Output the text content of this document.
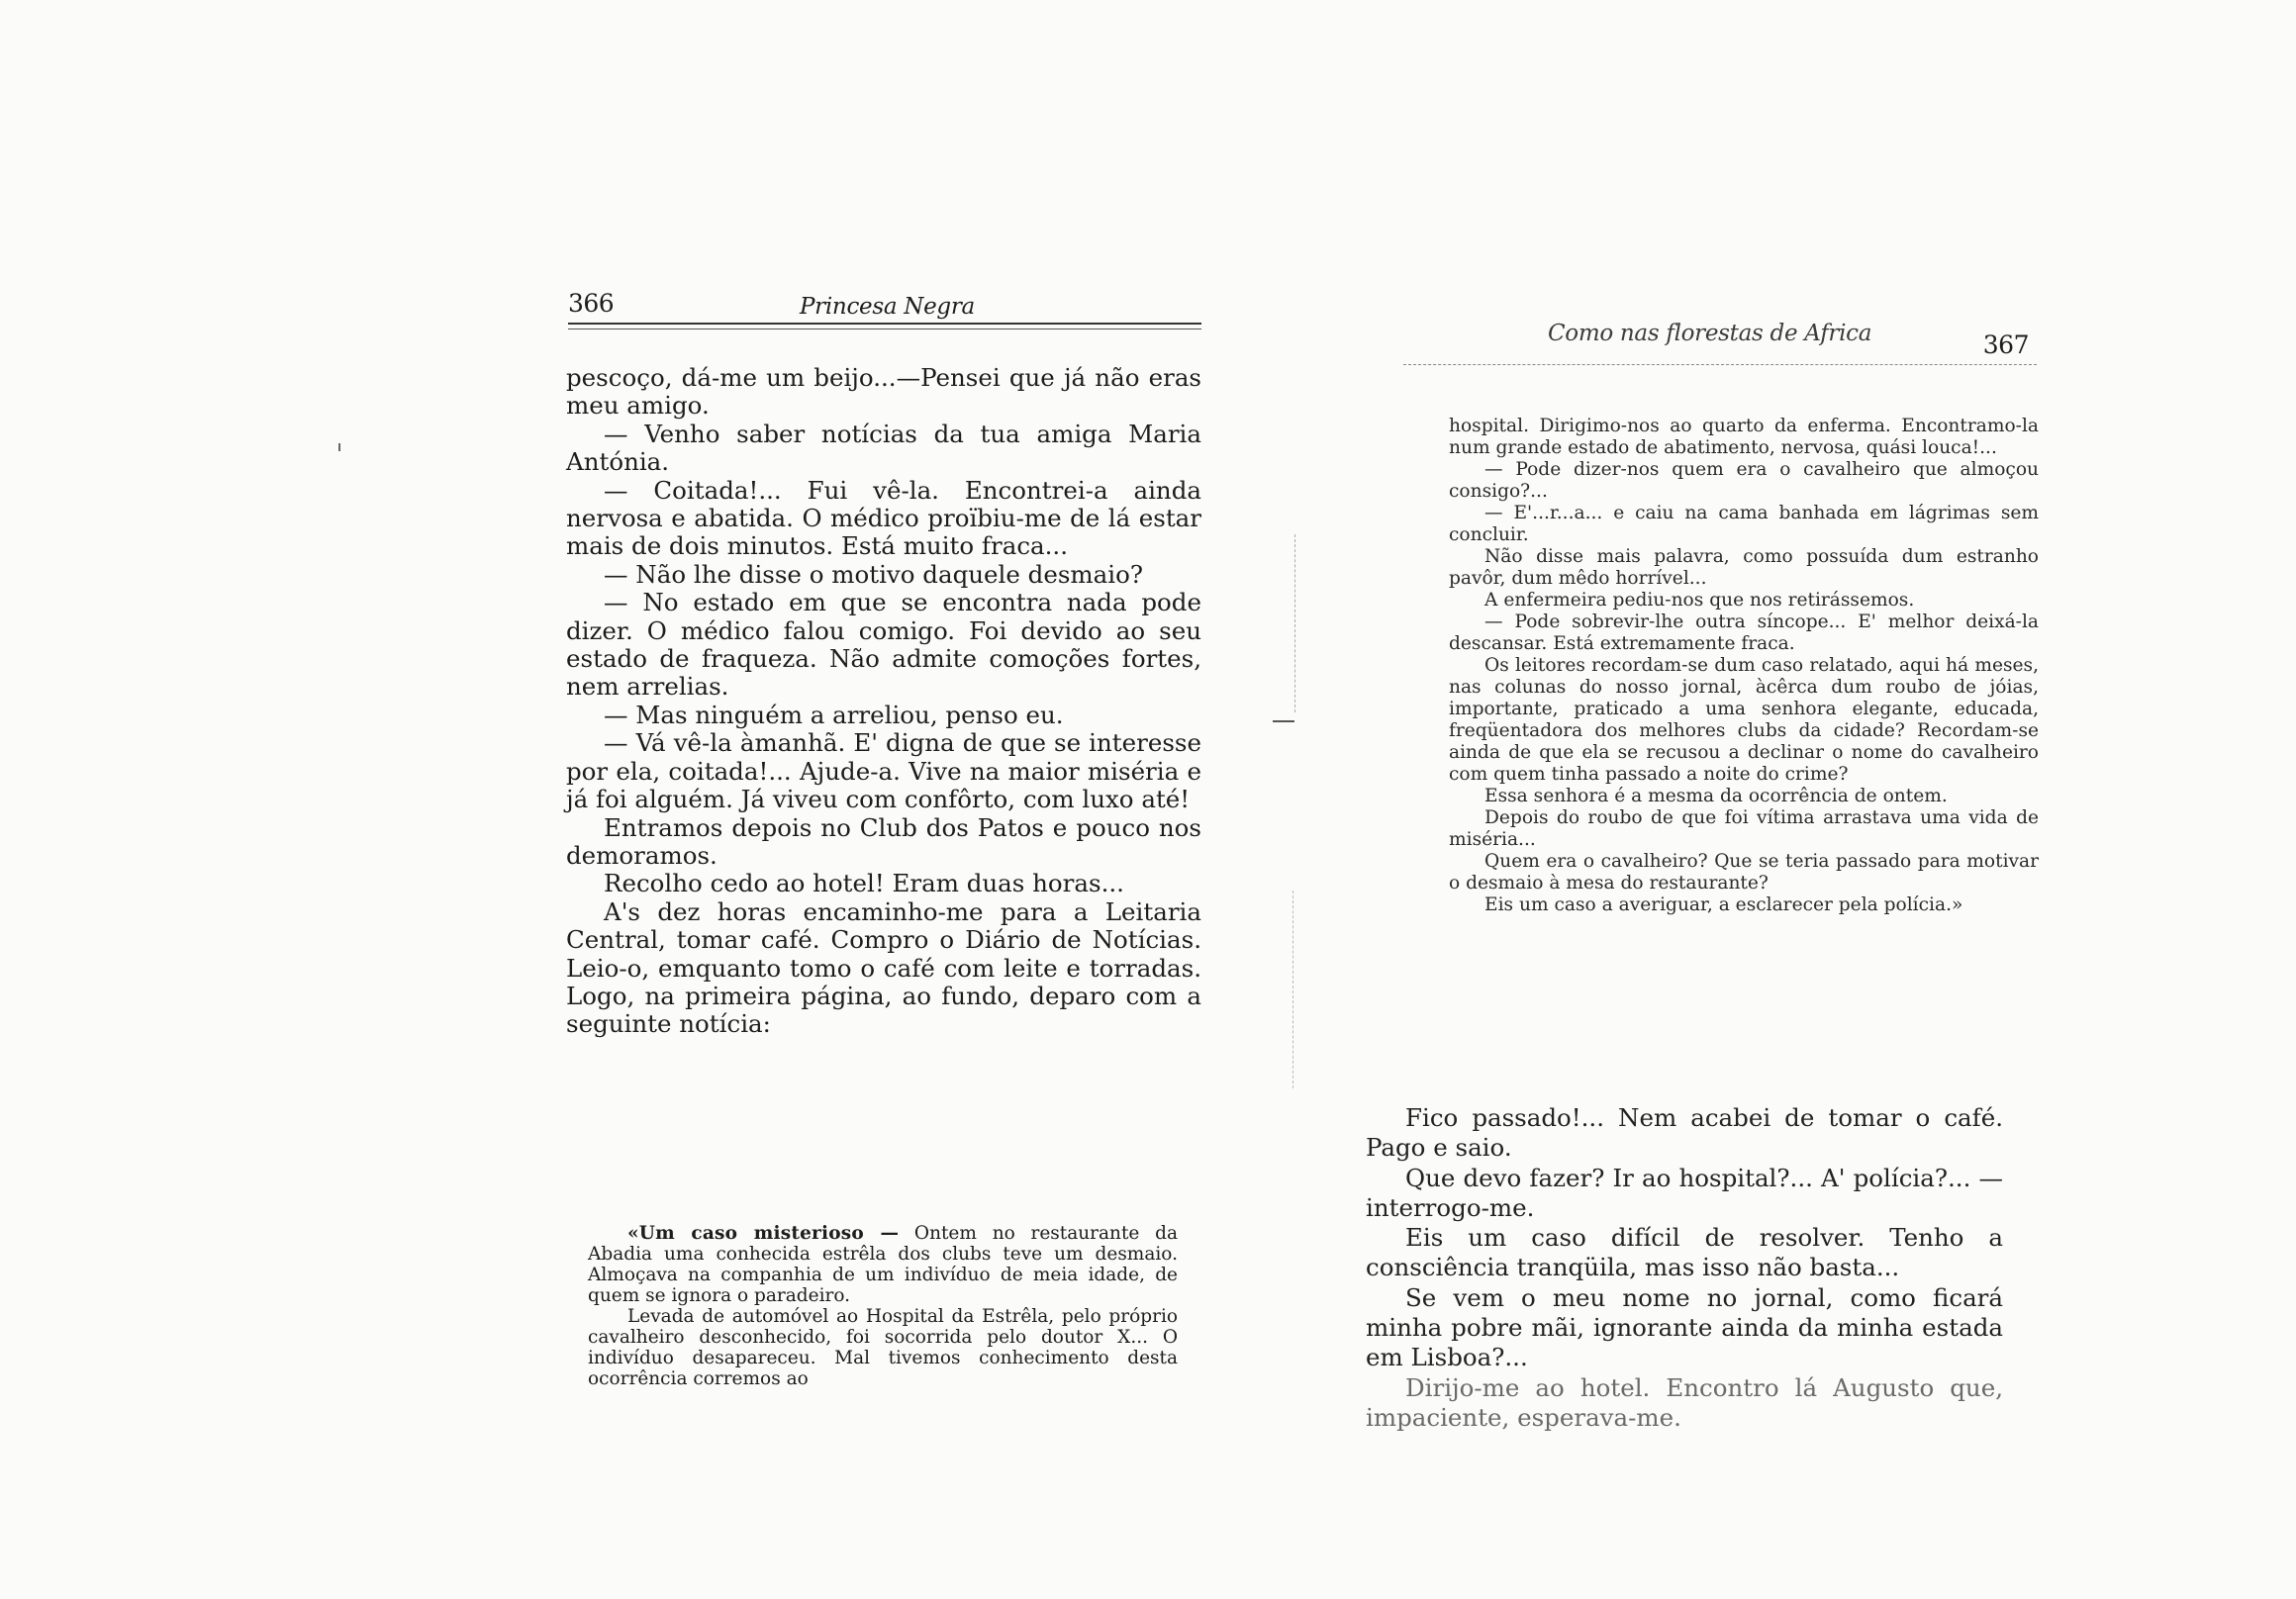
366	Princesa Negra

pescoço, dá-me um beijo...—Pensei que já não eras meu amigo.

— Venho saber notícias da tua amiga Maria Antónia.

— Coitada!... Fui vê-la. Encontrei-a ainda nervosa e abatida. O médico proïbiu-me de lá estar mais de dois minutos. Está muito fraca...

— Não lhe disse o motivo daquele desmaio?

— No estado em que se encontra nada pode dizer. O médico falou comigo. Foi devido ao seu estado de fraqueza. Não admite comoções fortes, nem arrelias.

— Mas ninguém a arreliou, penso eu.

— Vá vê-la àmanhã. E' digna de que se interesse por ela, coitada!... Ajude-a. Vive na maior miséria e já foi alguém. Já viveu com confôrto, com luxo até!

Entramos depois no Club dos Patos e pouco nos demoramos.

Recolho cedo ao hotel! Eram duas horas...

A's dez horas encaminho-me para a Leitaria Central, tomar café. Compro o Diário de Notícias. Leio-o, emquanto tomo o café com leite e torradas. Logo, na primeira página, ao fundo, deparo com a seguinte notícia:

«Um caso misterioso — Ontem no restaurante da Abadia uma conhecida estrêla dos clubs teve um desmaio. Almoçava na companhia de um indivíduo de meia idade, de quem se ignora o paradeiro.

Levada de automóvel ao Hospital da Estrêla, pelo próprio cavalheiro desconhecido, foi socorrida pelo doutor X... O indivíduo desapareceu. Mal tivemos conhecimento desta ocorrência corremos ao

Como nas florestas de Africa	367

hospital. Dirigimo-nos ao quarto da enferma. Encontramo-la num grande estado de abatimento, nervosa, quási louca!...

— Pode dizer-nos quem era o cavalheiro que almoçou consigo?...

— E'...r...a... e caiu na cama banhada em lágrimas sem concluir.

Não disse mais palavra, como possuída dum estranho pavôr, dum mêdo horrível...

A enfermeira pediu-nos que nos retirássemos.

— Pode sobrevir-lhe outra síncope... E' melhor deixá-la descansar. Está extremamente fraca.

Os leitores recordam-se dum caso relatado, aqui há meses, nas colunas do nosso jornal, àcêrca dum roubo de jóias, importante, praticado a uma senhora elegante, educada, freqüentadora dos melhores clubs da cidade? Recordam-se ainda de que ela se recusou a declinar o nome do cavalheiro com quem tinha passado a noite do crime?

Essa senhora é a mesma da ocorrência de ontem.

Depois do roubo de que foi vítima arrastava uma vida de miséria...

Quem era o cavalheiro? Que se teria passado para motivar o desmaio à mesa do restaurante?

Eis um caso a averiguar, a esclarecer pela polícia.»

Fico passado!... Nem acabei de tomar o café. Pago e saio.

Que devo fazer? Ir ao hospital?... A' polícia?... — interrogo-me.

Eis um caso difícil de resolver. Tenho a consciência tranqüila, mas isso não basta...

Se vem o meu nome no jornal, como ficará minha pobre mãi, ignorante ainda da minha estada em Lisboa?...

Dirijo-me ao hotel. Encontro lá Augusto que, impaciente, esperava-me.
